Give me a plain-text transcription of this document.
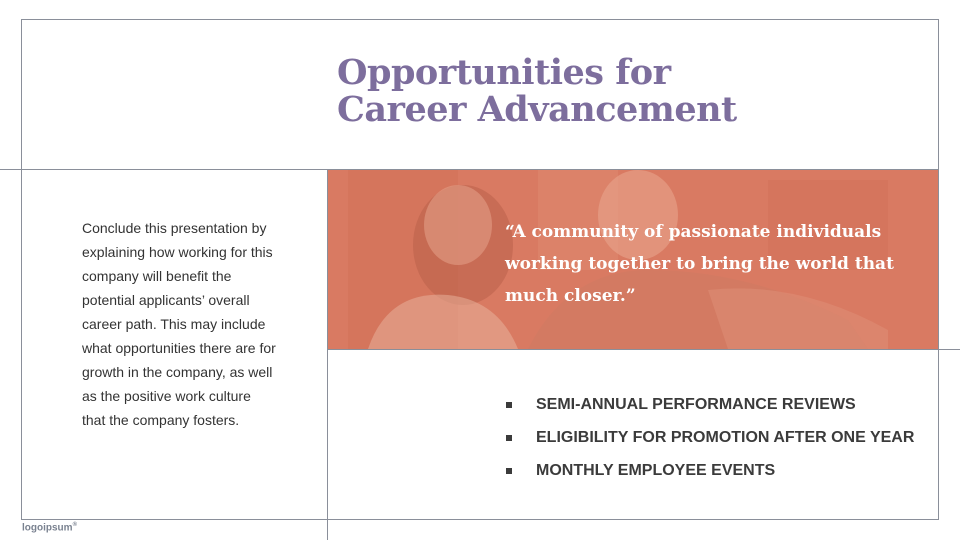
Opportunities for
Career Advancement
“A community of passionate individuals working together to bring the world that much closer.”
Conclude this presentation by explaining how working for this company will benefit the potential applicants’ overall career path. This may include what opportunities there are for growth in the company, as well as the positive work culture that the company fosters.
SEMI-ANNUAL PERFORMANCE REVIEWS
ELIGIBILITY FOR PROMOTION AFTER ONE YEAR
MONTHLY EMPLOYEE EVENTS
logoipsum®
